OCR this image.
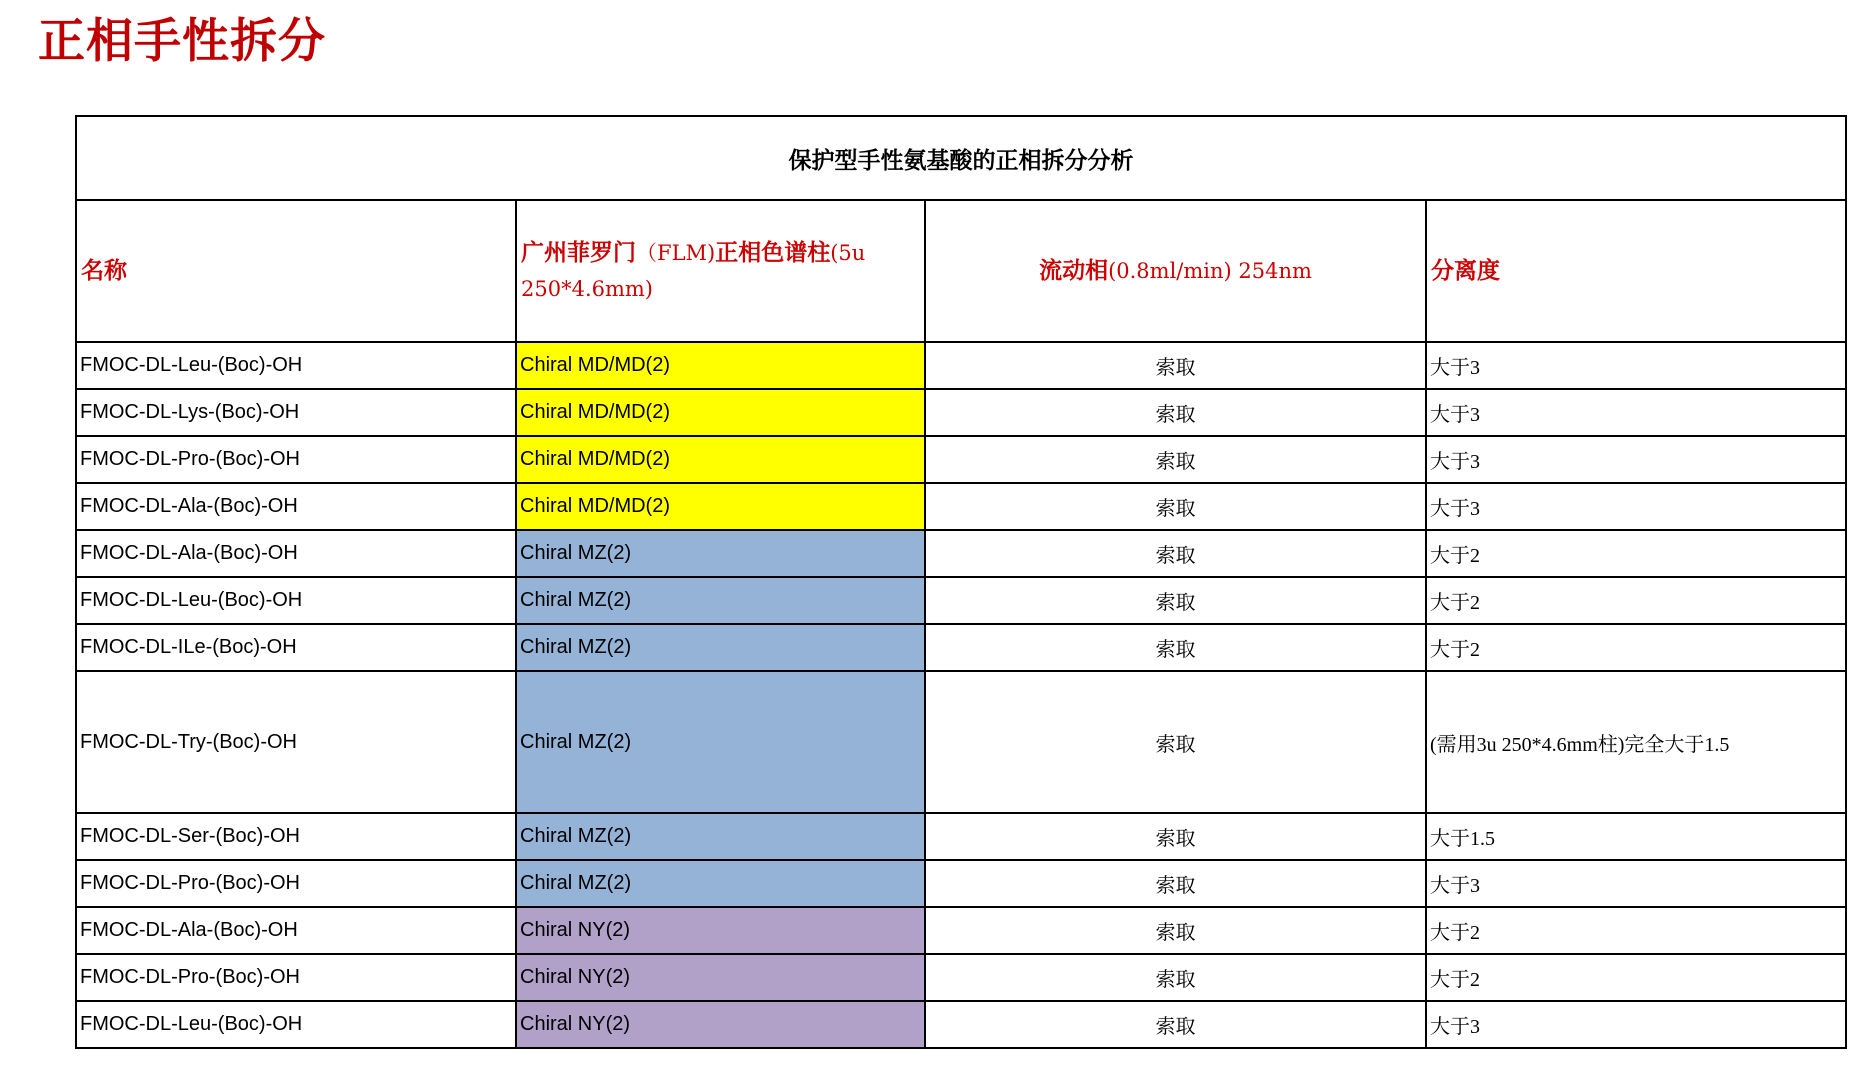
正相手性拆分
保护型手性氨基酸的正相拆分分析			
名称	广州菲罗门（FLM)正相色谱柱(5u 250*4.6mm)	流动相(0.8ml/min) 254nm	分离度
FMOC-DL-Leu-(Boc)-OH	Chiral MD/MD(2)	索取	大于3
FMOC-DL-Lys-(Boc)-OH	Chiral MD/MD(2)	索取	大于3
FMOC-DL-Pro-(Boc)-OH	Chiral MD/MD(2)	索取	大于3
FMOC-DL-Ala-(Boc)-OH	Chiral MD/MD(2)	索取	大于3
FMOC-DL-Ala-(Boc)-OH	Chiral MZ(2)	索取	大于2
FMOC-DL-Leu-(Boc)-OH	Chiral MZ(2)	索取	大于2
FMOC-DL-ILe-(Boc)-OH	Chiral MZ(2)	索取	大于2
FMOC-DL-Try-(Boc)-OH	Chiral MZ(2)	索取	(需用3u 250*4.6mm柱)完全大于1.5
FMOC-DL-Ser-(Boc)-OH	Chiral MZ(2)	索取	大于1.5
FMOC-DL-Pro-(Boc)-OH	Chiral MZ(2)	索取	大于3
FMOC-DL-Ala-(Boc)-OH	Chiral NY(2)	索取	大于2
FMOC-DL-Pro-(Boc)-OH	Chiral NY(2)	索取	大于2
FMOC-DL-Leu-(Boc)-OH	Chiral NY(2)	索取	大于3
